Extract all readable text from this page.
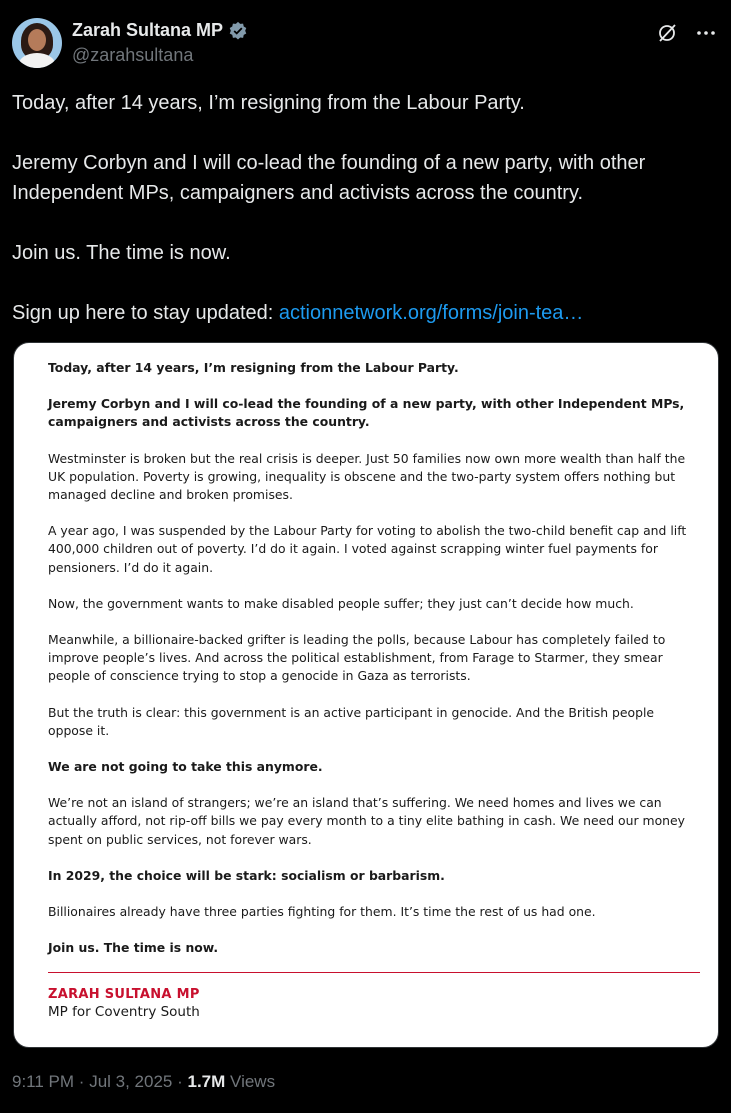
Zarah Sultana MP
@zarahsultana

Today, after 14 years, I’m resigning from the Labour Party.

Jeremy Corbyn and I will co-lead the founding of a new party, with other Independent MPs, campaigners and activists across the country.

Join us. The time is now.

Sign up here to stay updated: actionnetwork.org/forms/join-tea…

Today, after 14 years, I’m resigning from the Labour Party.

Jeremy Corbyn and I will co-lead the founding of a new party, with other Independent MPs, campaigners and activists across the country.

Westminster is broken but the real crisis is deeper. Just 50 families now own more wealth than half the UK population. Poverty is growing, inequality is obscene and the two-party system offers nothing but managed decline and broken promises.

A year ago, I was suspended by the Labour Party for voting to abolish the two-child benefit cap and lift 400,000 children out of poverty. I’d do it again. I voted against scrapping winter fuel payments for pensioners. I’d do it again.

Now, the government wants to make disabled people suffer; they just can’t decide how much.

Meanwhile, a billionaire-backed grifter is leading the polls, because Labour has completely failed to improve people’s lives. And across the political establishment, from Farage to Starmer, they smear people of conscience trying to stop a genocide in Gaza as terrorists.

But the truth is clear: this government is an active participant in genocide. And the British people oppose it.

We are not going to take this anymore.

We’re not an island of strangers; we’re an island that’s suffering. We need homes and lives we can actually afford, not rip-off bills we pay every month to a tiny elite bathing in cash. We need our money spent on public services, not forever wars.

In 2029, the choice will be stark: socialism or barbarism.

Billionaires already have three parties fighting for them. It’s time the rest of us had one.

Join us. The time is now.

ZARAH SULTANA MP
MP for Coventry South
9:11 PM · Jul 3, 2025 · 1.7M Views
